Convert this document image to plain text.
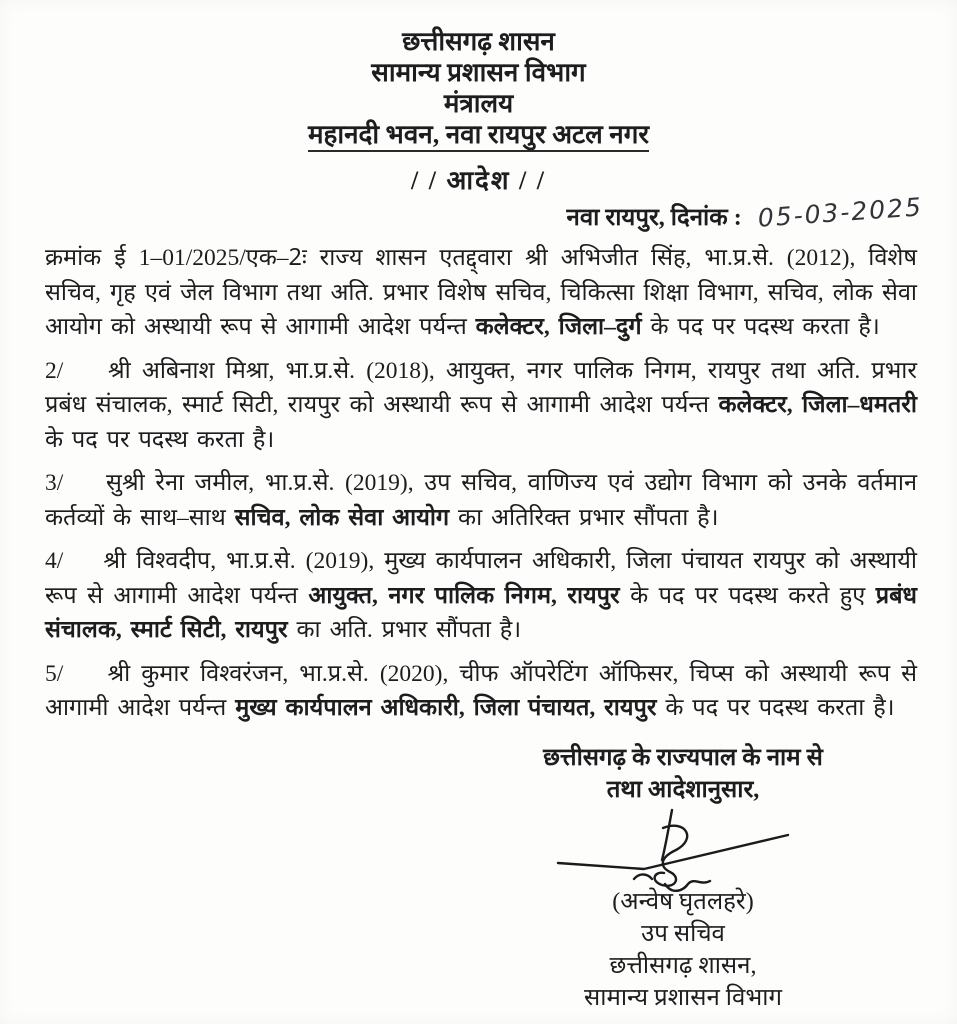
छत्तीसगढ़ शासन
सामान्य प्रशासन विभाग
मंत्रालय
महानदी भवन, नवा रायपुर अटल नगर
/ / आदेश / /
नवा रायपुर, दिनांक : 05-03-2025

क्रमांक ई 1–01/2025/एक–2ः राज्य शासन एतद्द्वारा श्री अभिजीत सिंह, भा.प्र.से. (2012), विशेष सचिव, गृह एवं जेल विभाग तथा अति. प्रभार विशेष सचिव, चिकित्सा शिक्षा विभाग, सचिव, लोक सेवा आयोग को अस्थायी रूप से आगामी आदेश पर्यन्त कलेक्टर, जिला–दुर्ग के पद पर पदस्थ करता है।

2/    श्री अबिनाश मिश्रा, भा.प्र.से. (2018), आयुक्त, नगर पालिक निगम, रायपुर तथा अति. प्रभार प्रबंध संचालक, स्मार्ट सिटी, रायपुर को अस्थायी रूप से आगामी आदेश पर्यन्त कलेक्टर, जिला–धमतरी के पद पर पदस्थ करता है।

3/    सुश्री रेना जमील, भा.प्र.से. (2019), उप सचिव, वाणिज्य एवं उद्योग विभाग को उनके वर्तमान कर्तव्यों के साथ–साथ सचिव, लोक सेवा आयोग का अतिरिक्त प्रभार सौंपता है।

4/    श्री विश्वदीप, भा.प्र.से. (2019), मुख्य कार्यपालन अधिकारी, जिला पंचायत रायपुर को अस्थायी रूप से आगामी आदेश पर्यन्त आयुक्त, नगर पालिक निगम, रायपुर के पद पर पदस्थ करते हुए प्रबंध संचालक, स्मार्ट सिटी, रायपुर का अति. प्रभार सौंपता है।

5/    श्री कुमार विश्वरंजन, भा.प्र.से. (2020), चीफ ऑपरेटिंग ऑफिसर, चिप्स को अस्थायी रूप से आगामी आदेश पर्यन्त मुख्य कार्यपालन अधिकारी, जिला पंचायत, रायपुर के पद पर पदस्थ करता है।

छत्तीसगढ़ के राज्यपाल के नाम से
तथा आदेशानुसार,
(अन्वेष घृतलहरे)
उप सचिव
छत्तीसगढ़ शासन,
सामान्य प्रशासन विभाग
